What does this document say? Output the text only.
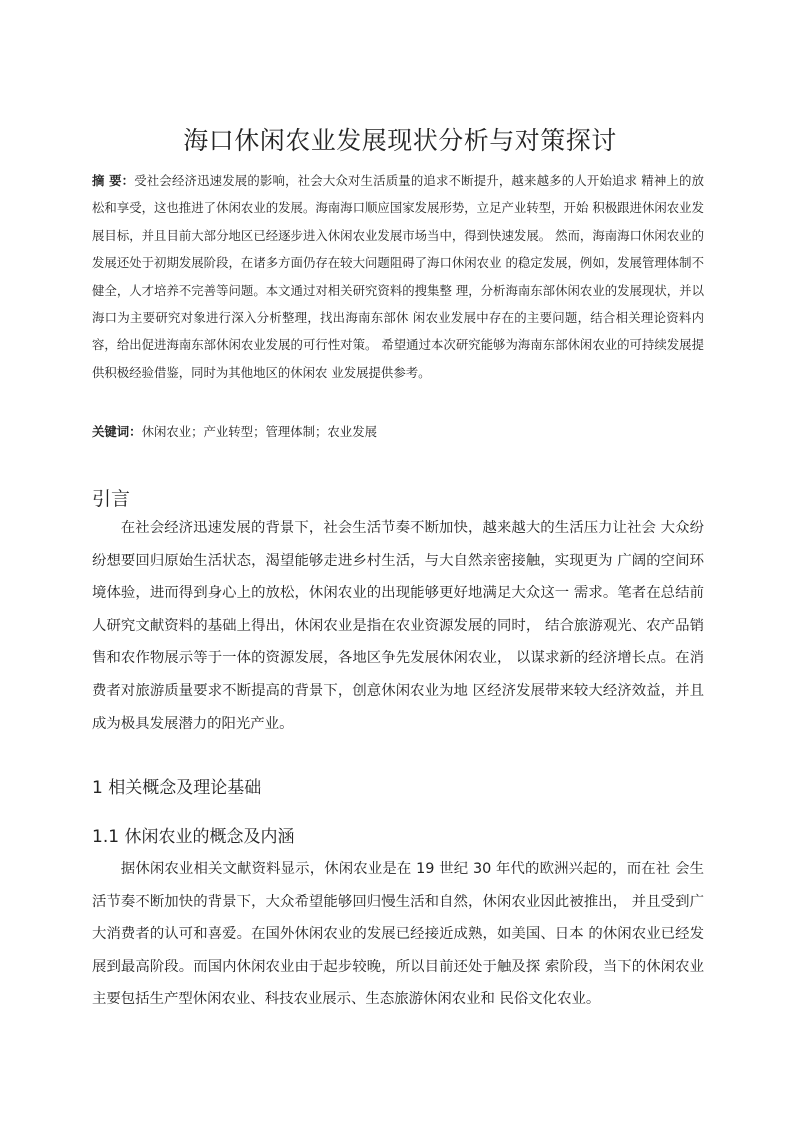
海口休闲农业发展现状分析与对策探讨
摘 要：受社会经济迅速发展的影响，社会大众对生活质量的追求不断提升，越来越多的人开始追求 精神上的放松和享受，这也推进了休闲农业的发展。海南海口顺应国家发展形势，立足产业转型，开始 积极跟进休闲农业发展目标，并且目前大部分地区已经逐步进入休闲农业发展市场当中，得到快速发展。 然而，海南海口休闲农业的发展还处于初期发展阶段，在诸多方面仍存在较大问题阻碍了海口休闲农业 的稳定发展，例如，发展管理体制不健全，人才培养不完善等问题。本文通过对相关研究资料的搜集整 理，分析海南东部休闲农业的发展现状，并以海口为主要研究对象进行深入分析整理，找出海南东部休 闲农业发展中存在的主要问题，结合相关理论资料内容，给出促进海南东部休闲农业发展的可行性对策。 希望通过本次研究能够为海南东部休闲农业的可持续发展提供积极经验借鉴，同时为其他地区的休闲农 业发展提供参考。
关键词：休闲农业；产业转型；管理体制；农业发展
引言

在社会经济迅速发展的背景下，社会生活节奏不断加快，越来越大的生活压力让社会 大众纷纷想要回归原始生活状态，渴望能够走进乡村生活，与大自然亲密接触，实现更为 广阔的空间环境体验，进而得到身心上的放松，休闲农业的出现能够更好地满足大众这一 需求。笔者在总结前人研究文献资料的基础上得出，休闲农业是指在农业资源发展的同时， 结合旅游观光、农产品销售和农作物展示等于一体的资源发展，各地区争先发展休闲农业， 以谋求新的经济增长点。在消费者对旅游质量要求不断提高的背景下，创意休闲农业为地 区经济发展带来较大经济效益，并且成为极具发展潜力的阳光产业。

1 相关概念及理论基础
1.1 休闲农业的概念及内涵

据休闲农业相关文献资料显示，休闲农业是在 19 世纪 30 年代的欧洲兴起的，而在社 会生活节奏不断加快的背景下，大众希望能够回归慢生活和自然，休闲农业因此被推出， 并且受到广大消费者的认可和喜爱。在国外休闲农业的发展已经接近成熟，如美国、日本 的休闲农业已经发展到最高阶段。而国内休闲农业由于起步较晚，所以目前还处于触及探 索阶段，当下的休闲农业主要包括生产型休闲农业、科技农业展示、生态旅游休闲农业和 民俗文化农业。
